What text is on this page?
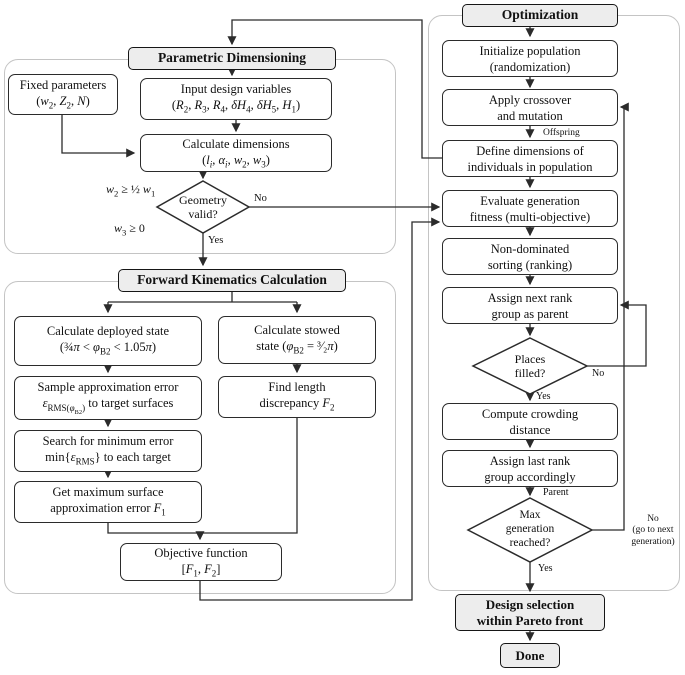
Parametric Dimensioning
Forward Kinematics Calculation
Optimization
Fixed parameters
($w_2$, $Z_2$, N)
Input design variables
($R_2$, $R_3$, $R_4$, $\delta H_4$, $\delta H_5$, $H_1$)
Calculate dimensions
($l_i$, $\alpha_i$, $w_2$, $w_3$)
$w_2$ ≥ ½ $w_1$
$w_3 \ge 0$
Geometry
valid?
No
Yes
Calculate deployed state
(¾π < $\varphi_{B2} < 1.05\pi$)
Sample approximation error
$\varepsilon_{RMS(\varphi_{B2})}$ to target surfaces
Search for minimum error
$\min\{\varepsilon_{RMS}\}$ to each target
Get maximum surface
approximation error $F_1$
Calculate stowed
state ($\varphi_{B2}$ = ³⁄₂π)
Find length
discrepancy $F_2$
Objective function
[$F_1$, $F_2$]
Initialize population
(randomization)
Apply crossover
and mutation
Offspring
Define dimensions of
individuals in population
Evaluate generation
fitness (multi-objective)
Non-dominated
sorting (ranking)
Assign next rank
group as parent
Places
filled?	No
Yes
Compute crowding
distance
Assign last rank
group accordingly
Parent
Max
generation
reached?
Yes
No
(go to next
generation)
Design selection
within Pareto front
Done
